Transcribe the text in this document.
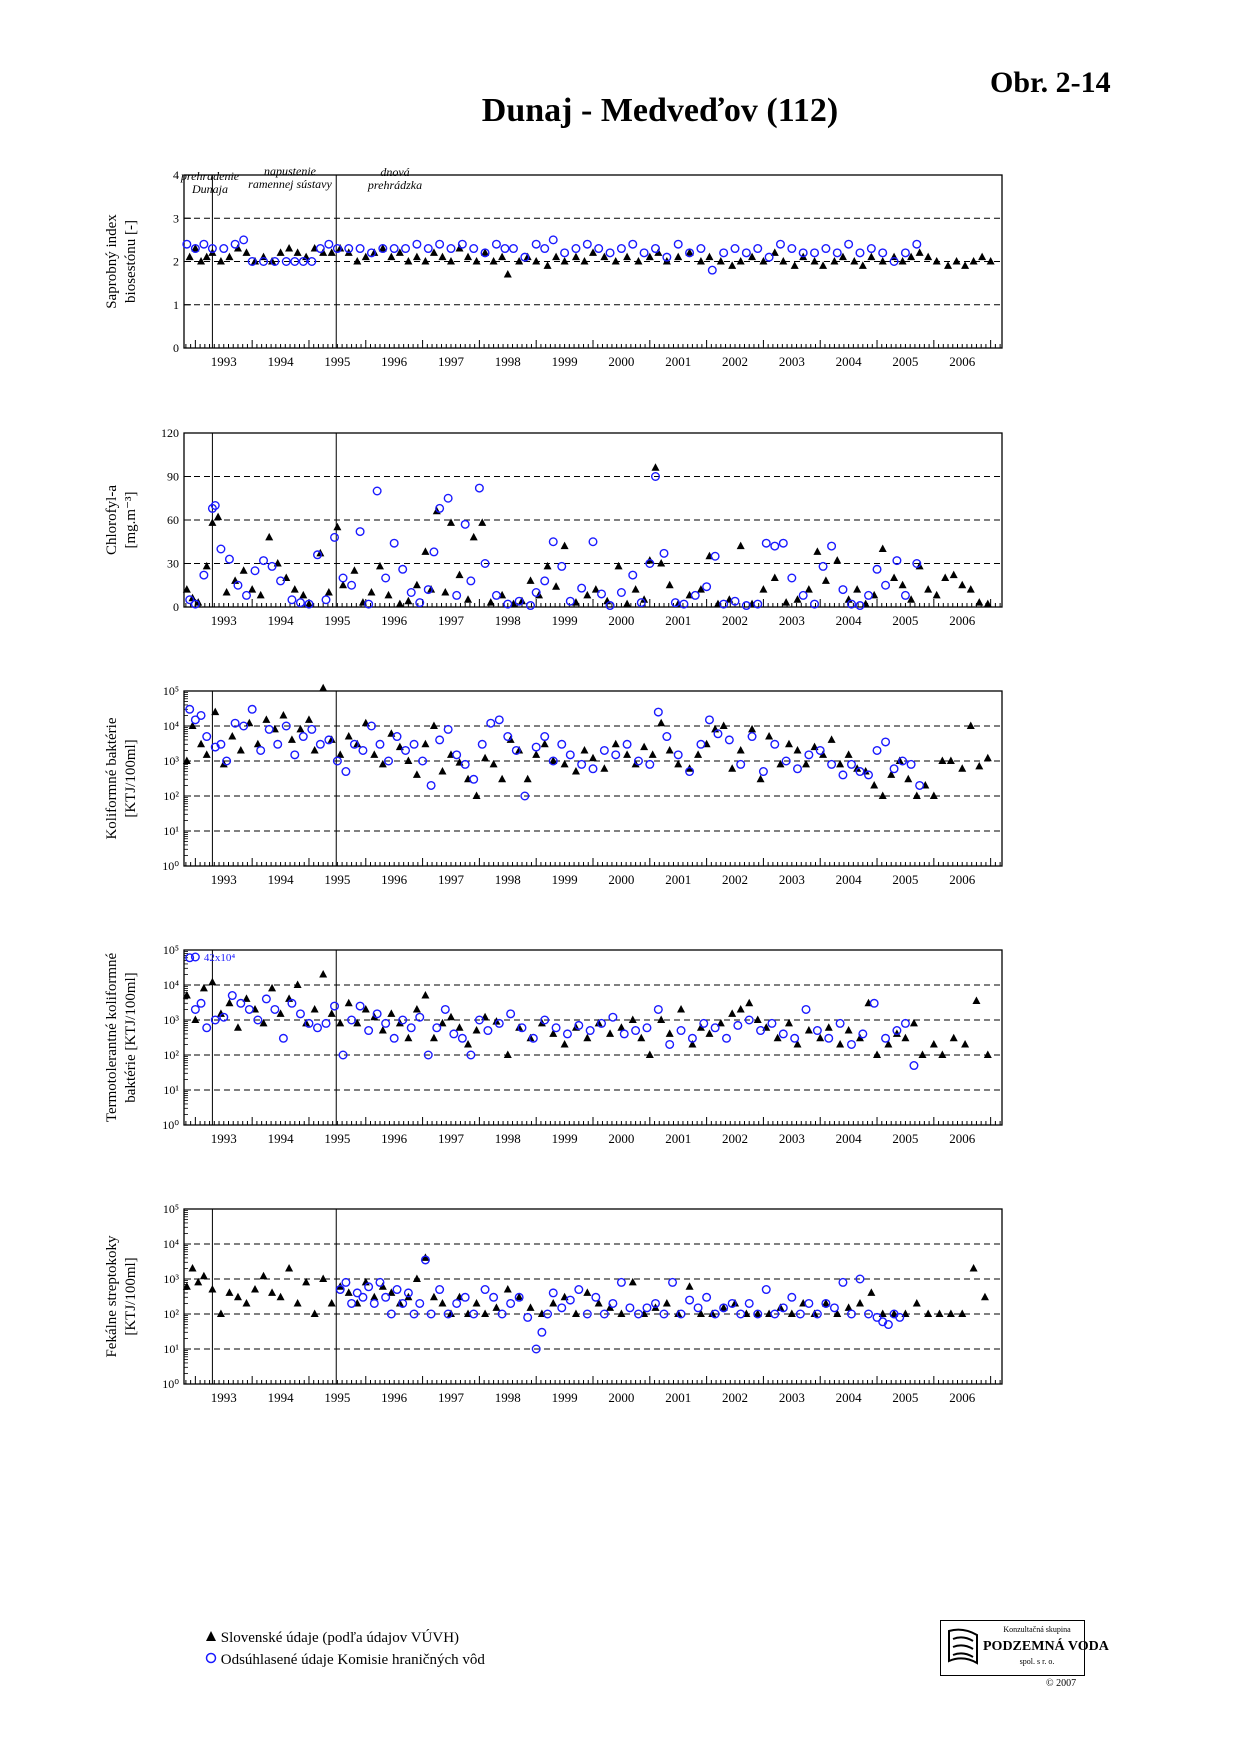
Obr. 2-14
Dunaj - Medveďov (112)
1993 1994 1995 1996 1997 1998 1999 2000 2001 2002 2003 2004 2005 2006
0
1
2
3
4
Saprobný index biosestónu [-]
1993 1994 1995 1996 1997 1998 1999 2000 2001 2002 2003 2004 2005 2006
0
30
60
90
120
Chlorofyl-a [mg.m⁻³]
1993 1994 1995 1996 1997 1998 1999 2000 2001 2002 2003 2004 2005 2006
10⁰
10¹
10²
10³
10⁴
10⁵
Koliformné baktérie [KTJ/100ml]
1993 1994 1995 1996 1997 1998 1999 2000 2001 2002 2003 2004 2005 2006
10⁰
10¹
10²
10³
10⁴
10⁵
Termotolerantné koliformné baktérie [KTJ/100ml]
42x10⁴
1993 1994 1995 1996 1997 1998 1999 2000 2001 2002 2003 2004 2005 2006
10⁰
10¹
10²
10³
10⁴
10⁵
Fekálne streptokoky [KTJ/100ml]
prehradenie
Dunaja
napustenie
ramennej sústavy
dnová
prehrádzka
Slovenské údaje (podľa údajov VÚVH)
Odsúhlasené údaje Komisie hraničných vôd
Konzultačná skupina
PODZEMNÁ VODA
spol. s r. o.
© 2007
